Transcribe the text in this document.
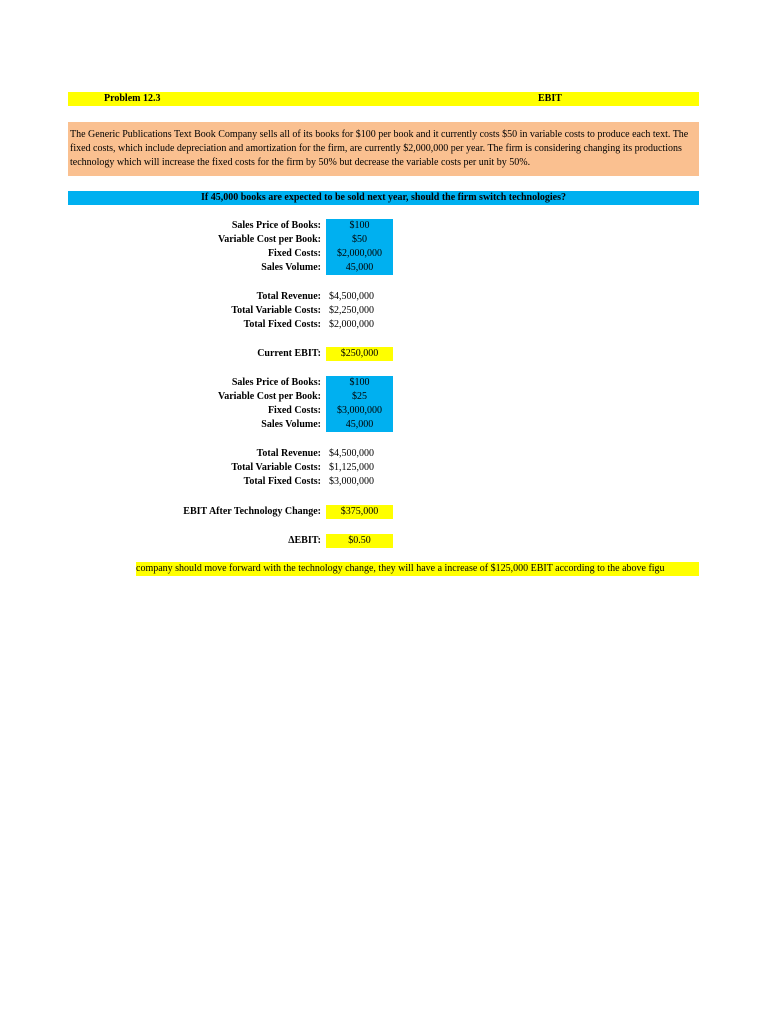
Problem 12.3	EBIT
The Generic Publications Text Book Company sells all of its books for $100 per book and it currently costs $50 in variable costs to produce each text. The fixed costs, which include depreciation and amortization for the firm, are currently $2,000,000 per year. The firm is considering changing its productions technology which will increase the fixed costs for the firm by 50% but decrease the variable costs per unit by 50%.
If 45,000 books are expected to be sold next year, should the firm switch technologies?
Sales Price of Books:	$100
Variable Cost per Book:	$50
Fixed Costs:	$2,000,000
Sales Volume:	45,000
Total Revenue: $4,500,000
Total Variable Costs: $2,250,000
Total Fixed Costs: $2,000,000
Current EBIT:	$250,000
Sales Price of Books:	$100
Variable Cost per Book:	$25
Fixed Costs:	$3,000,000
Sales Volume:	45,000
Total Revenue: $4,500,000
Total Variable Costs: $1,125,000
Total Fixed Costs: $3,000,000
EBIT After Technology Change:	$375,000
ΔEBIT:	$0.50
company should move forward with the technology change, they will have a increase of $125,000 EBIT according to the above figu
